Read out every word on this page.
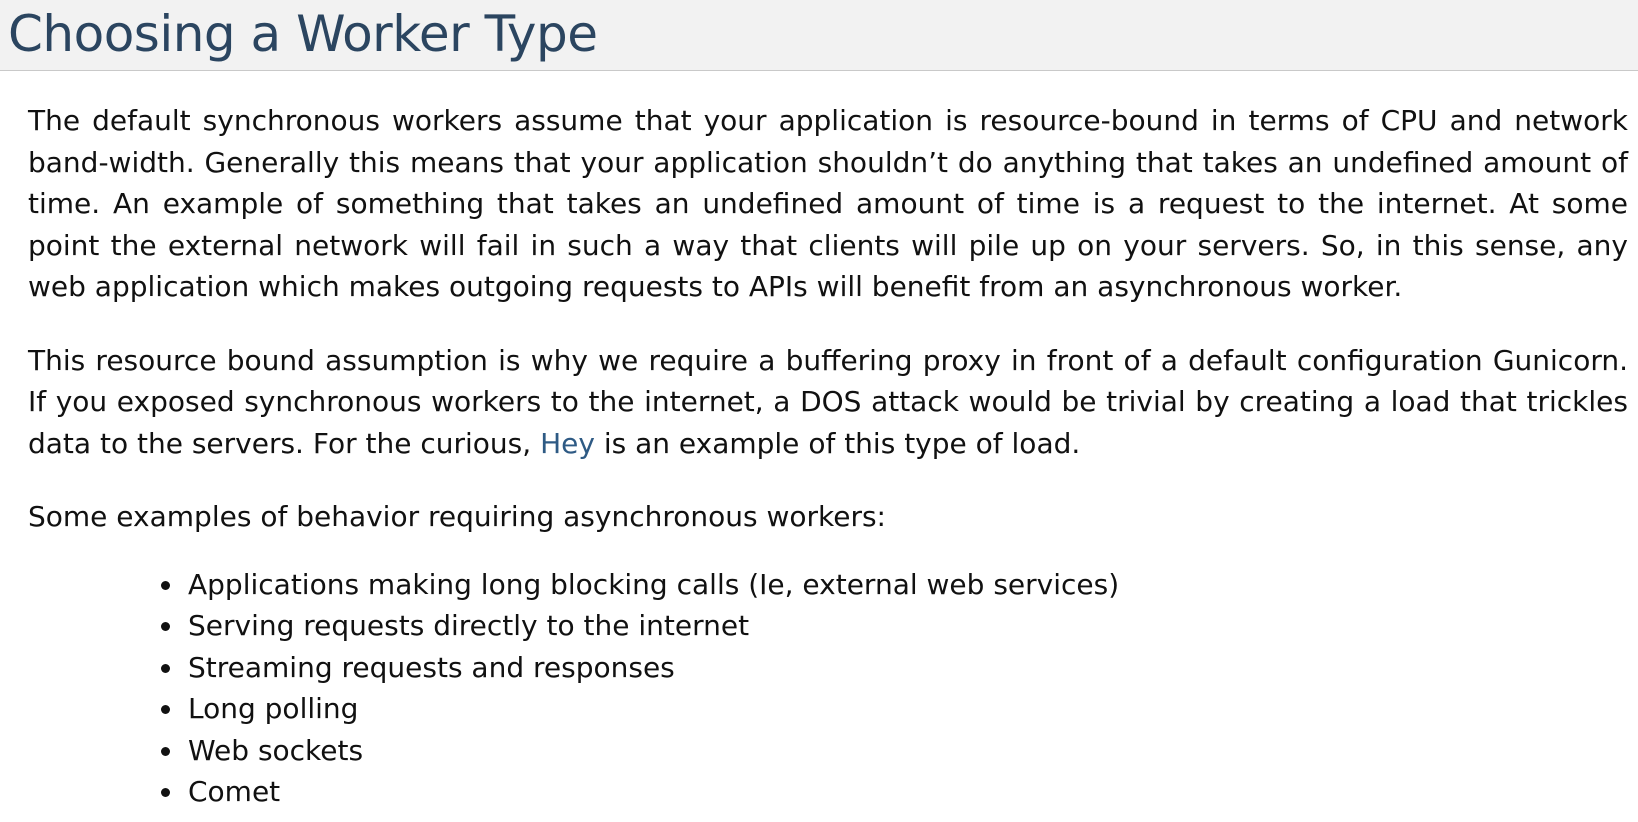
Choosing a Worker Type

The default synchronous workers assume that your application is resource-bound in terms of CPU and network band-width. Generally this means that your application shouldn’t do anything that takes an undefined amount of time. An example of something that takes an undefined amount of time is a request to the internet. At some point the external network will fail in such a way that clients will pile up on your servers. So, in this sense, any web application which makes outgoing requests to APIs will benefit from an asynchronous worker.

This resource bound assumption is why we require a buffering proxy in front of a default configuration Gunicorn. If you exposed synchronous workers to the internet, a DOS attack would be trivial by creating a load that trickles data to the servers. For the curious, Hey is an example of this type of load.

Some examples of behavior requiring asynchronous workers:

Applications making long blocking calls (Ie, external web services)
Serving requests directly to the internet
Streaming requests and responses
Long polling
Web sockets
Comet
